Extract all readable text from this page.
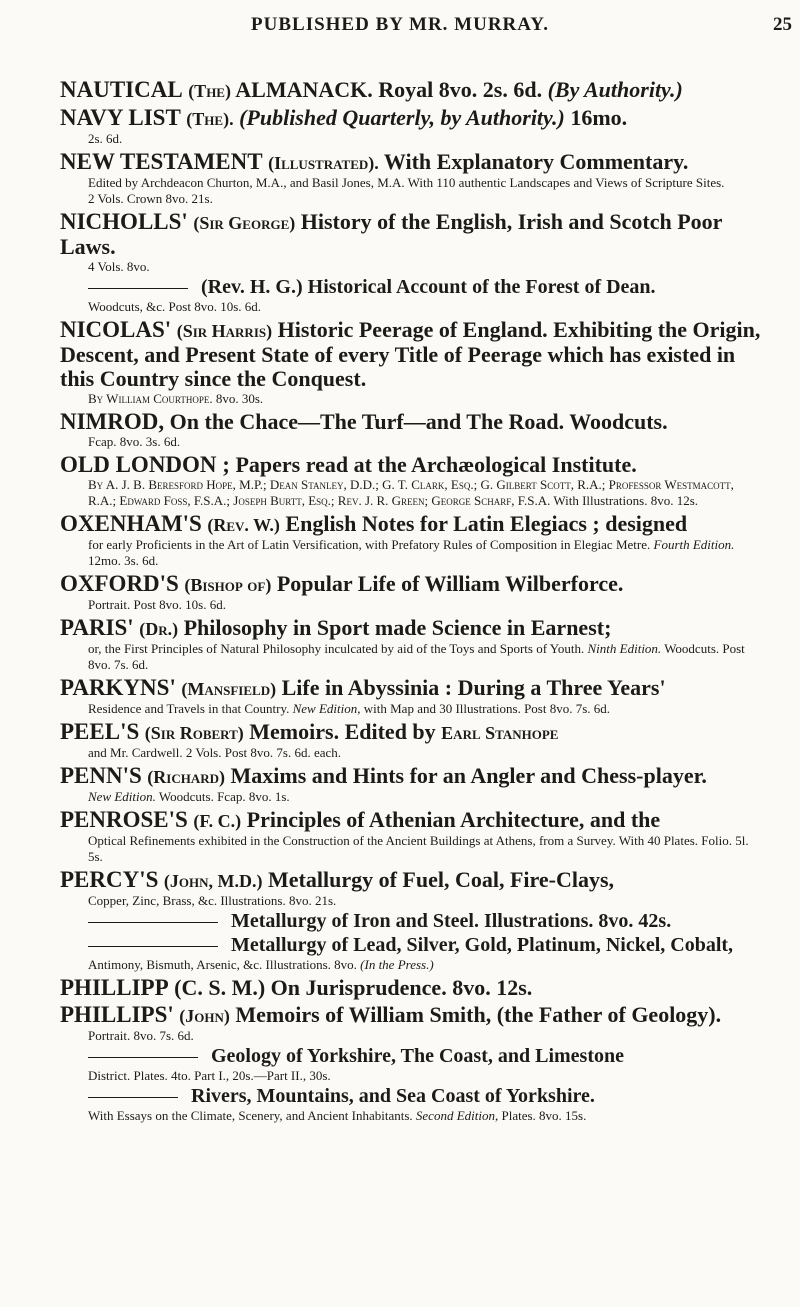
PUBLISHED BY MR. MURRAY.	25

NAUTICAL (The) ALMANACK. Royal 8vo. 2s. 6d. (By Authority.)

NAVY LIST (The). (Published Quarterly, by Authority.) 16mo.

2s. 6d.

NEW TESTAMENT (Illustrated). With Explanatory Commentary.

Edited by Archdeacon Churton, M.A., and Basil Jones, M.A. With 110 authentic Landscapes and Views of Scripture Sites.

2 Vols. Crown 8vo. 21s.

NICHOLLS' (Sir George) History of the English, Irish and Scotch Poor Laws.

4 Vols. 8vo.

(Rev. H. G.) Historical Account of the Forest of Dean.

Woodcuts, &c. Post 8vo. 10s. 6d.

NICOLAS' (Sir Harris) Historic Peerage of England. Exhibiting the Origin, Descent, and Present State of every Title of Peerage which has existed in this Country since the Conquest.

By William Courthope. 8vo. 30s.

NIMROD, On the Chace—The Turf—and The Road. Woodcuts.

Fcap. 8vo. 3s. 6d.

OLD LONDON ; Papers read at the Archæological Institute.

By A. J. B. Beresford Hope, M.P.; Dean Stanley, D.D.; G. T. Clark, Esq.; G. Gilbert Scott, R.A.; Professor Westmacott, R.A.; Edward Foss, F.S.A.; Joseph Burtt, Esq.; Rev. J. R. Green; George Scharf, F.S.A. With Illustrations. 8vo. 12s.

OXENHAM'S (Rev. W.) English Notes for Latin Elegiacs ; designed

for early Proficients in the Art of Latin Versification, with Prefatory Rules of Composition in Elegiac Metre. Fourth Edition. 12mo. 3s. 6d.

OXFORD'S (Bishop of) Popular Life of William Wilberforce.

Portrait. Post 8vo. 10s. 6d.

PARIS' (Dr.) Philosophy in Sport made Science in Earnest;

or, the First Principles of Natural Philosophy inculcated by aid of the Toys and Sports of Youth. Ninth Edition. Woodcuts. Post 8vo. 7s. 6d.

PARKYNS' (Mansfield) Life in Abyssinia : During a Three Years'

Residence and Travels in that Country. New Edition, with Map and 30 Illustrations. Post 8vo. 7s. 6d.

PEEL'S (Sir Robert) Memoirs. Edited by Earl Stanhope

and Mr. Cardwell. 2 Vols. Post 8vo. 7s. 6d. each.

PENN'S (Richard) Maxims and Hints for an Angler and Chess-player.

New Edition. Woodcuts. Fcap. 8vo. 1s.

PENROSE'S (F. C.) Principles of Athenian Architecture, and the

Optical Refinements exhibited in the Construction of the Ancient Buildings at Athens, from a Survey. With 40 Plates. Folio. 5l. 5s.

PERCY'S (John, M.D.) Metallurgy of Fuel, Coal, Fire-Clays,

Copper, Zinc, Brass, &c. Illustrations. 8vo. 21s.

Metallurgy of Iron and Steel. Illustrations. 8vo. 42s.

Metallurgy of Lead, Silver, Gold, Platinum, Nickel, Cobalt,

Antimony, Bismuth, Arsenic, &c. Illustrations. 8vo. (In the Press.)

PHILLIPP (C. S. M.) On Jurisprudence. 8vo. 12s.

PHILLIPS' (John) Memoirs of William Smith, (the Father of Geology).

Portrait. 8vo. 7s. 6d.

Geology of Yorkshire, The Coast, and Limestone

District. Plates. 4to. Part I., 20s.—Part II., 30s.

Rivers, Mountains, and Sea Coast of Yorkshire.

With Essays on the Climate, Scenery, and Ancient Inhabitants. Second Edition, Plates. 8vo. 15s.
